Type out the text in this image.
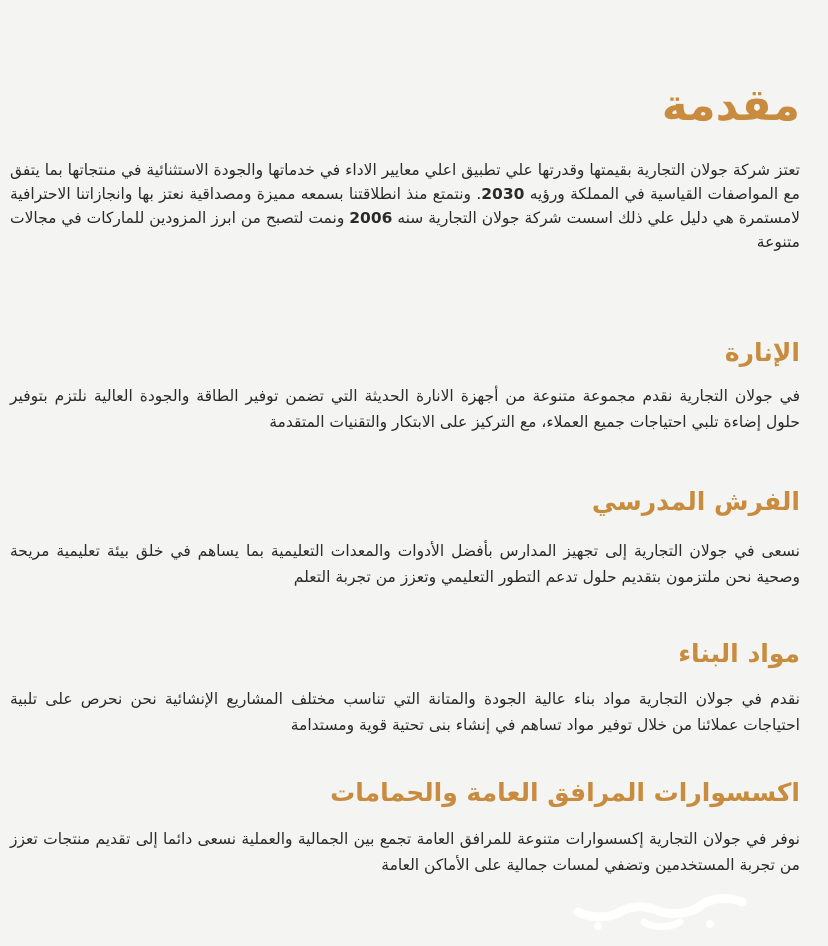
مقدمة

تعتز شركة جولان التجارية بقيمتها وقدرتها علي تطبيق اعلي معايير الاداء في خدماتها والجودة الاستثنائية في منتجاتها بما يتفق مع المواصفات القياسية في المملكة ورؤيه 2030. ونتمتع منذ انطلاقتنا بسمعه مميزة ومصداقية نعتز بها وانجازاتنا الاحترافية لامستمرة هي دليل علي ذلك اسست شركة جولان التجارية سنه 2006 ونمت لتصبح من ابرز المزودين للماركات في مجالات متنوعة

الإنارة

في جولان التجارية نقدم مجموعة متنوعة من أجهزة الانارة الحديثة التي تضمن توفير الطاقة والجودة العالية نلتزم بتوفير حلول إضاءة تلبي احتياجات جميع العملاء، مع التركيز على الابتكار والتقنيات المتقدمة

الفرش المدرسي

نسعى في جولان التجارية إلى تجهيز المدارس بأفضل الأدوات والمعدات التعليمية بما يساهم في خلق بيئة تعليمية مريحة وصحية نحن ملتزمون بتقديم حلول تدعم التطور التعليمي وتعزز من تجربة التعلم

مواد البناء

نقدم في جولان التجارية مواد بناء عالية الجودة والمتانة التي تناسب مختلف المشاريع الإنشائية نحن نحرص على تلبية احتياجات عملائنا من خلال توفير مواد تساهم في إنشاء بنى تحتية قوية ومستدامة

اكسسوارات المرافق العامة والحمامات

نوفر في جولان التجارية إكسسوارات متنوعة للمرافق العامة تجمع بين الجمالية والعملية نسعى دائما إلى تقديم منتجات تعزز من تجربة المستخدمين وتضفي لمسات جمالية على الأماكن العامة
